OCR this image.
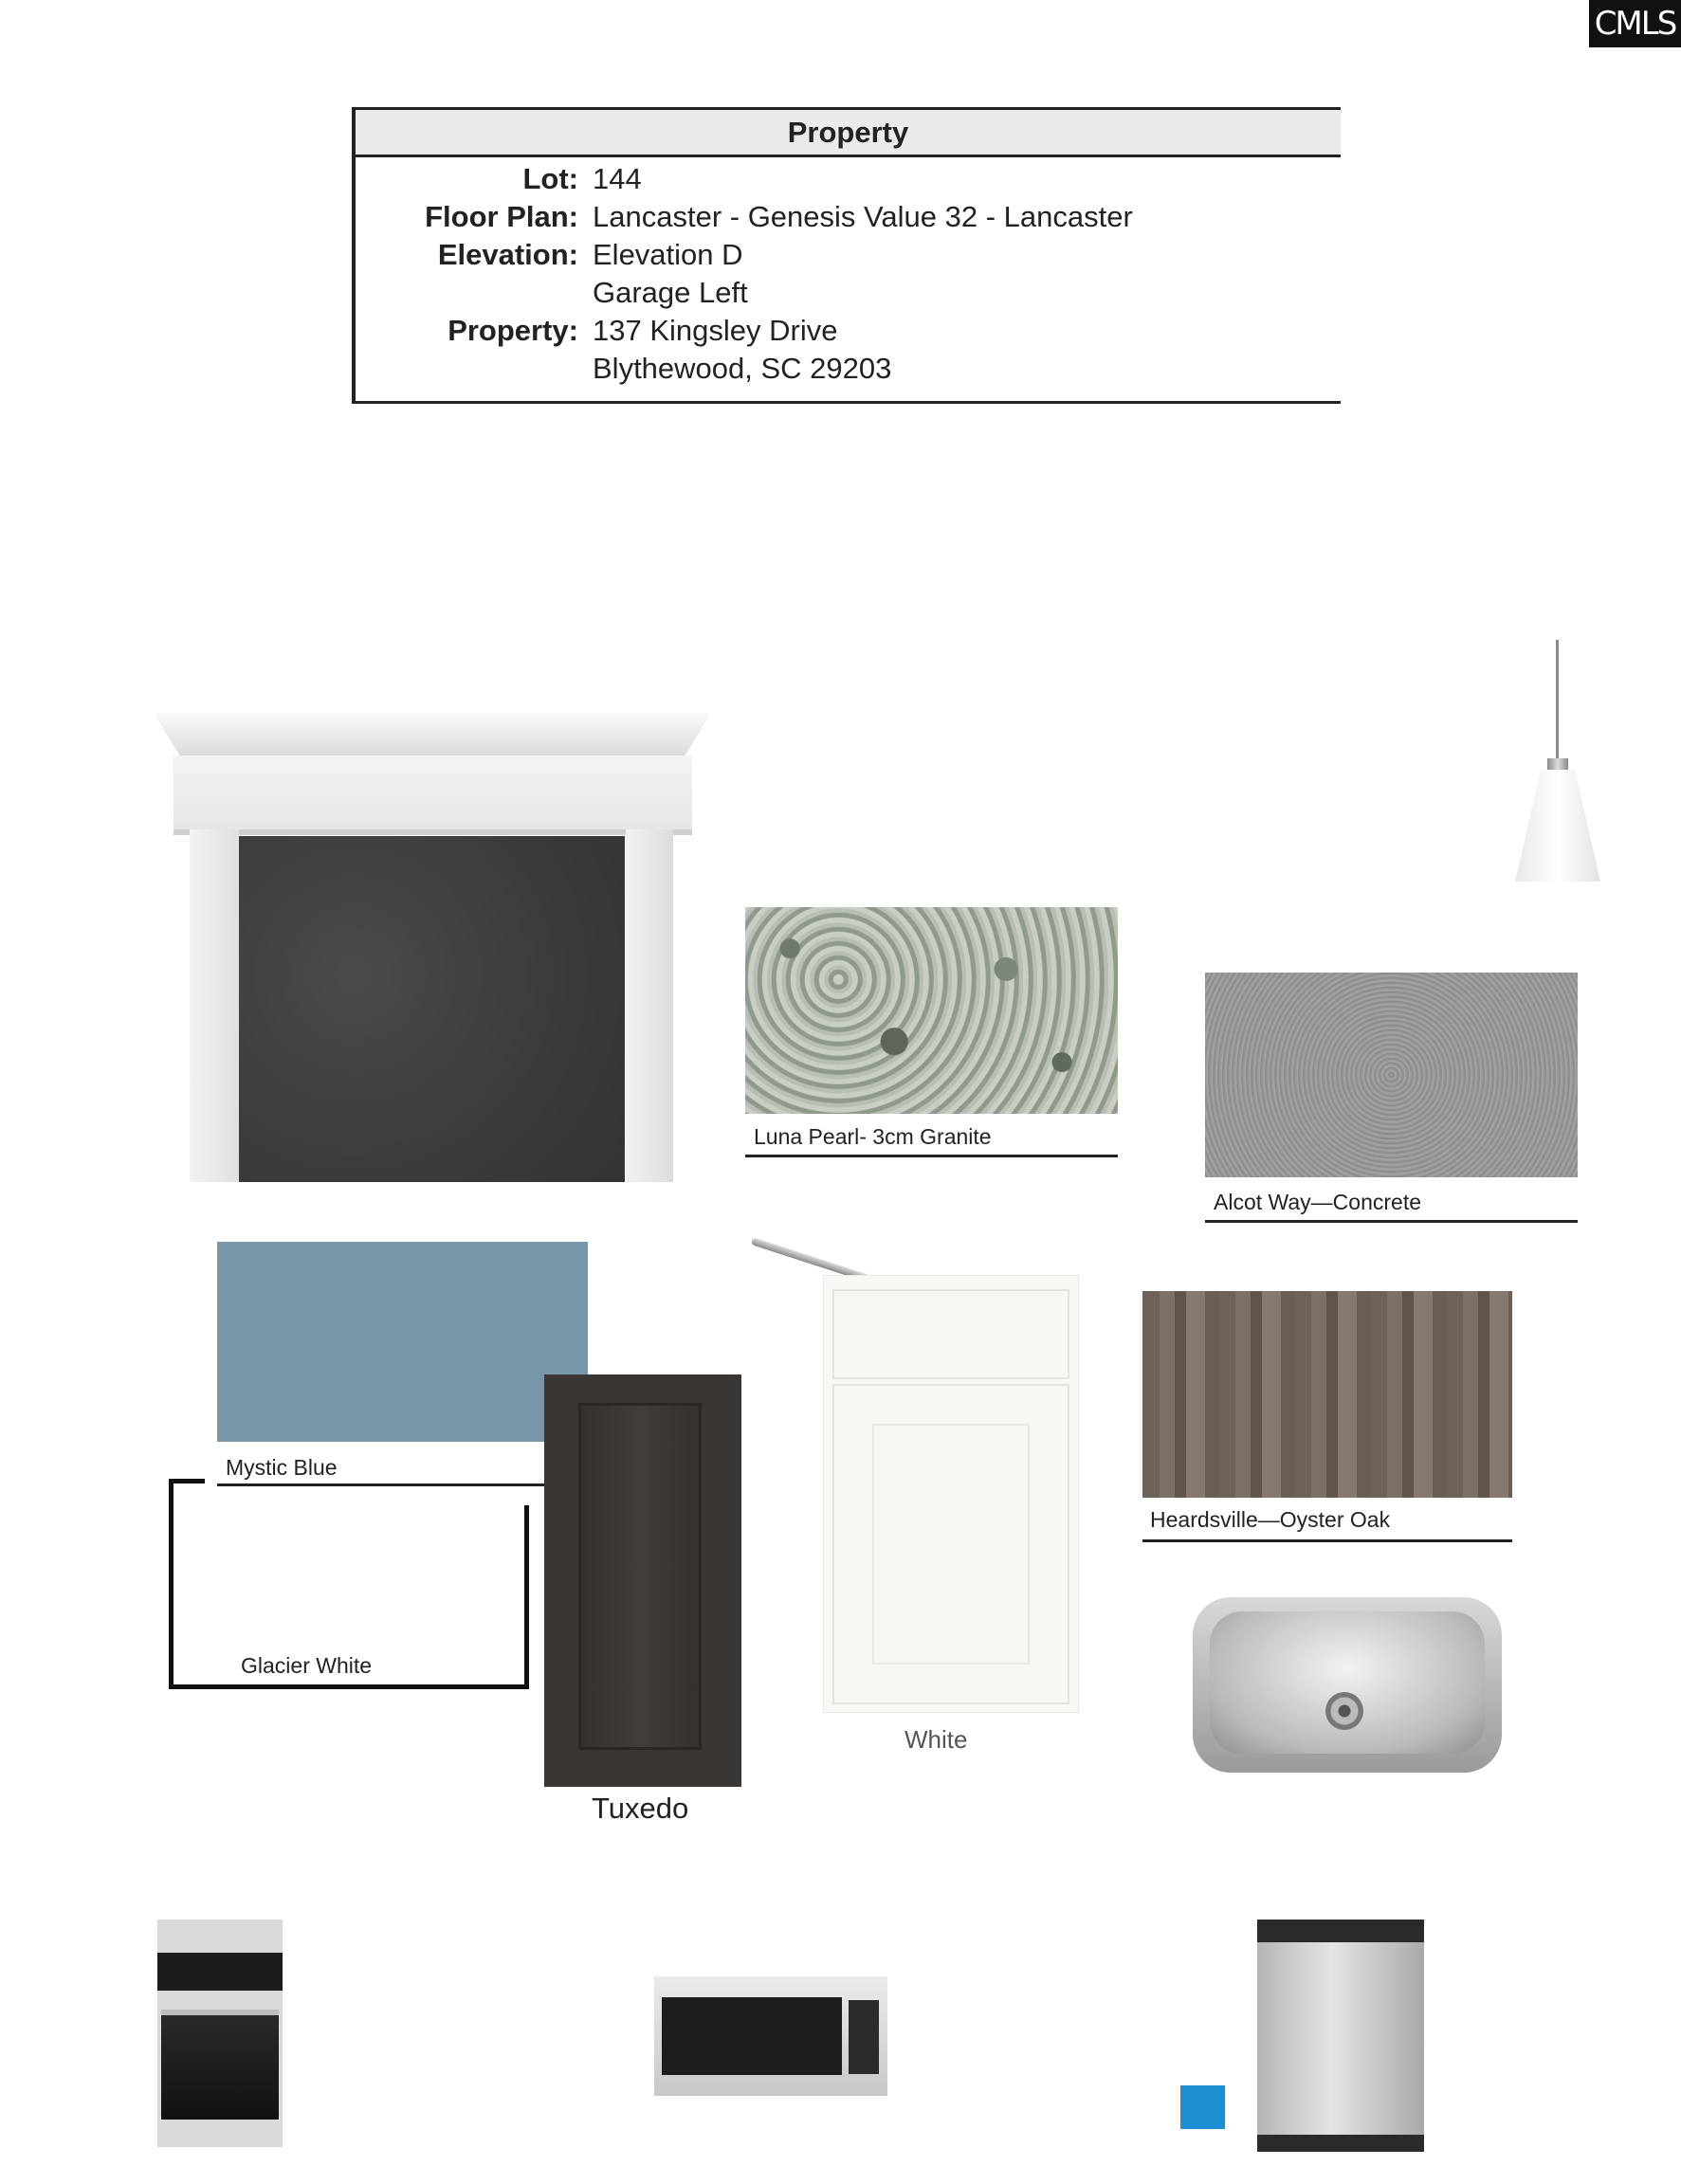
CMLS
Property
Lot: 144
Floor Plan: Lancaster - Genesis Value 32 - Lancaster
Elevation: Elevation D
Garage Left
Property: 137 Kingsley Drive
Blythewood, SC 29203
Luna Pearl- 3cm Granite
Alcot Way—Concrete
Mystic Blue
Glacier White
Tuxedo
White
Heardsville—Oyster Oak
